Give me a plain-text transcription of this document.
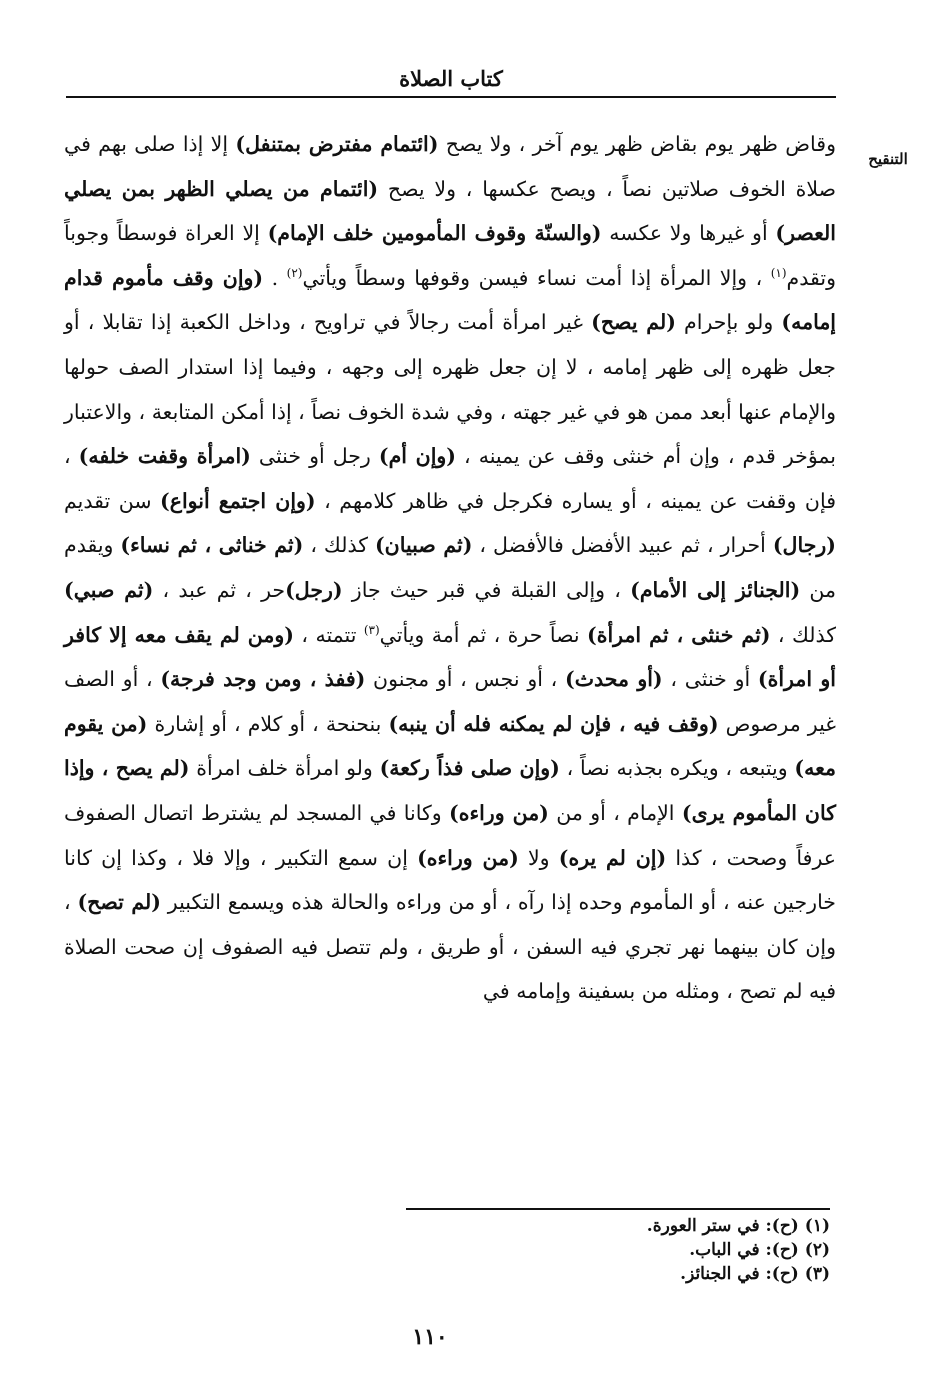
كتاب الصلاة
التنقيح

وقاض ظهر يوم بقاض ظهر يوم آخر ، ولا يصح (ائتمام مفترض بمتنفل) إلا إذا صلى بهم في صلاة الخوف صلاتين نصاً ، ويصح عكسها ، ولا يصح (ائتمام من يصلي الظهر بمن يصلي العصر) أو غيرها ولا عكسه (والسنّة وقوف المأمومين خلف الإمام) إلا العراة فوسطاً وجوباً وتقدم$^{(١)}$ ، وإلا المرأة إذا أمت نساء فيسن وقوفها وسطاً ويأتي$^{(٢)}$ . (وإن وقف مأموم قدام إمامه) ولو بإحرام (لم يصح) غير امرأة أمت رجالاً في تراويح ، وداخل الكعبة إذا تقابلا ، أو جعل ظهره إلى ظهر إمامه ، لا إن جعل ظهره إلى وجهه ، وفيما إذا استدار الصف حولها والإمام عنها أبعد ممن هو في غير جهته ، وفي شدة الخوف نصاً ، إذا أمكن المتابعة ، والاعتبار بمؤخر قدم ، وإن أم خنثى وقف عن يمينه ، (وإن أم) رجل أو خنثى (امرأة وقفت خلفه) ، فإن وقفت عن يمينه ، أو يساره فكرجل في ظاهر كلامهم ، (وإن اجتمع أنواع) سن تقديم (رجال) أحرار ، ثم عبيد الأفضل فالأفضل ، (ثم صبيان) كذلك ، (ثم خناثى ، ثم نساء) ويقدم من (الجنائز إلى الأمام) ، وإلى القبلة في قبر حيث جاز (رجل)حر ، ثم عبد ، (ثم صبي) كذلك ، (ثم خنثى ، ثم امرأة) نصاً حرة ، ثم أمة ويأتي$^{(٣)}$ تتمته ، (ومن لم يقف معه إلا كافر أو امرأة) أو خنثى ، (أو محدث) ، أو نجس ، أو مجنون (ففذ ، ومن وجد فرجة) ، أو الصف غير مرصوص (وقف فيه ، فإن لم يمكنه فله أن ينبه) بنحنحة ، أو كلام ، أو إشارة (من يقوم معه) ويتبعه ، ويكره بجذبه نصاً ، (وإن صلى فذاً ركعة) ولو امرأة خلف امرأة (لم يصح ، وإذا كان المأموم يرى) الإمام ، أو من (من وراءه) وكانا في المسجد لم يشترط اتصال الصفوف عرفاً وصحت ، كذا (إن لم يره) ولا (من وراءه) إن سمع التكبير ، وإلا فلا ، وكذا إن كانا خارجين عنه ، أو المأموم وحده إذا رآه ، أو من وراءه والحالة هذه ويسمع التكبير (لم تصح) ، وإن كان بينهما نهر تجري فيه السفن ، أو طريق ، ولم تتصل فيه الصفوف إن صحت الصلاة فيه لم تصح ، ومثله من بسفينة وإمامه في

(١) (ح): في ستر العورة.
(٢) (ح): في الباب.
(٣) (ح): في الجنائز.
١١٠
